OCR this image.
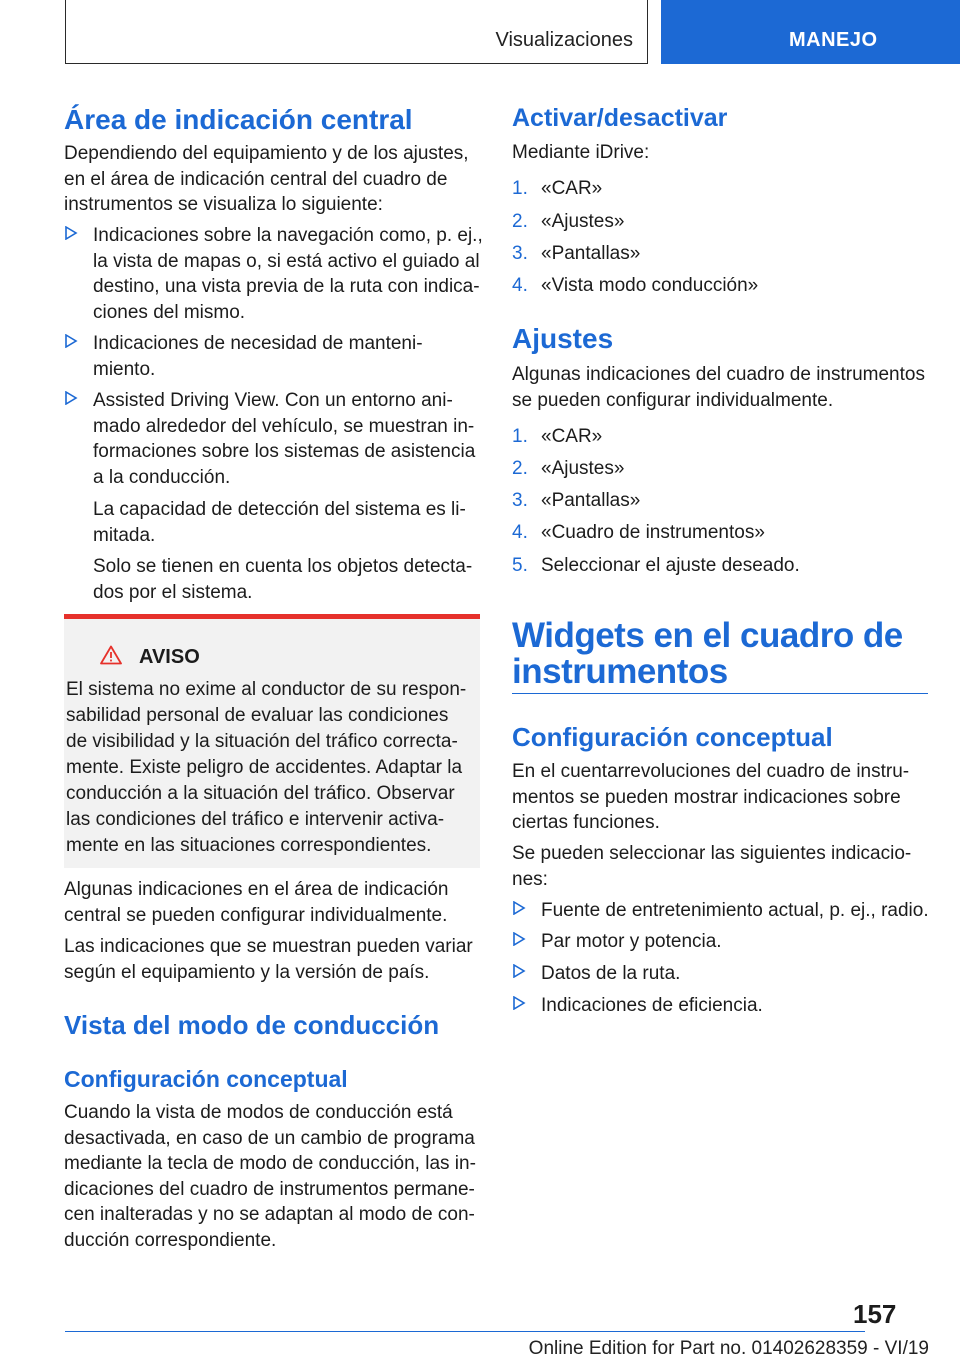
Visualizaciones	MANEJO
Área de indicación central
Dependiendo del equipamiento y de los ajustes,
en el área de indicación central del cuadro de
instrumentos se visualiza lo siguiente:
Indicaciones sobre la navegación como, p. ej.,
la vista de mapas o, si está activo el guiado al
destino, una vista previa de la ruta con indica-
ciones del mismo.
Indicaciones de necesidad de manteni-
miento.
Assisted Driving View. Con un entorno ani-
mado alrededor del vehículo, se muestran in-
formaciones sobre los sistemas de asistencia
a la conducción.
La capacidad de detección del sistema es li-
mitada.
Solo se tienen en cuenta los objetos detecta-
dos por el sistema.
AVISO
El sistema no exime al conductor de su respon-
sabilidad personal de evaluar las condiciones
de visibilidad y la situación del tráfico correcta-
mente. Existe peligro de accidentes. Adaptar la
conducción a la situación del tráfico. Observar
las condiciones del tráfico e intervenir activa-
mente en las situaciones correspondientes.
Algunas indicaciones en el área de indicación
central se pueden configurar individualmente.
Las indicaciones que se muestran pueden variar
según el equipamiento y la versión de país.
Vista del modo de conducción
Configuración conceptual
Cuando la vista de modos de conducción está
desactivada, en caso de un cambio de programa
mediante la tecla de modo de conducción, las in-
dicaciones del cuadro de instrumentos permane-
cen inalteradas y no se adaptan al modo de con-
ducción correspondiente.
Activar/desactivar
Mediante iDrive:
1. «CAR»
2. «Ajustes»
3. «Pantallas»
4. «Vista modo conducción»
Ajustes
Algunas indicaciones del cuadro de instrumentos
se pueden configurar individualmente.
1. «CAR»
2. «Ajustes»
3. «Pantallas»
4. «Cuadro de instrumentos»
5. Seleccionar el ajuste deseado.
Widgets en el cuadro de
instrumentos
Configuración conceptual
En el cuentarrevoluciones del cuadro de instru-
mentos se pueden mostrar indicaciones sobre
ciertas funciones.
Se pueden seleccionar las siguientes indicacio-
nes:
Fuente de entretenimiento actual, p. ej., radio.
Par motor y potencia.
Datos de la ruta.
Indicaciones de eficiencia.
157
Online Edition for Part no. 01402628359 - VI/19
